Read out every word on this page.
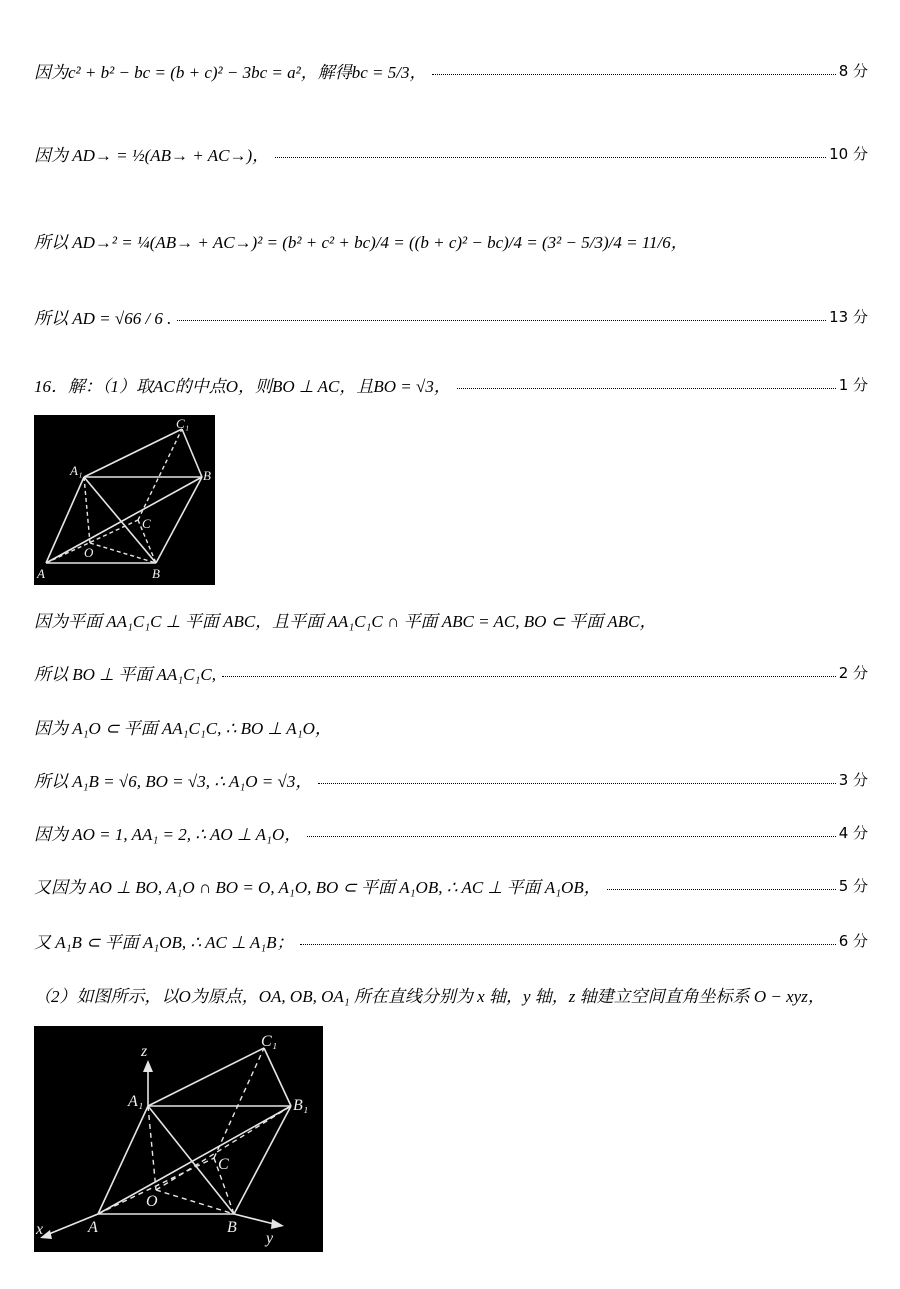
因为c² + b² − bc = (b + c)² − 3bc = a²，解得bc = 5/3，	8 分
因为 AD→ = ½(AB→ + AC→)，	10 分
所以 AD→² = ¼(AB→ + AC→)² = (b² + c² + bc)/4 = ((b + c)² − bc)/4 = (3² − 5/3)/4 = 11/6，
所以 AD = √66 / 6 .	13 分
16．解：（1）取AC的中点O，则BO ⊥ AC，且BO = √3，	1 分
C₁
A₁	B
C
O
A	B
因为平面 AA₁C₁C ⊥ 平面 ABC，且平面 AA₁C₁C ∩ 平面 ABC = AC, BO ⊂ 平面 ABC，
所以 BO ⊥ 平面 AA₁C₁C,	2 分
因为 A₁O ⊂ 平面 AA₁C₁C, ∴ BO ⊥ A₁O，
所以 A₁B = √6, BO = √3, ∴ A₁O = √3，	3 分
因为 AO = 1, AA₁ = 2, ∴ AO ⊥ A₁O，	4 分
又因为 AO ⊥ BO, A₁O ∩ BO = O, A₁O, BO ⊂ 平面 A₁OB, ∴ AC ⊥ 平面 A₁OB，	5 分
又 A₁B ⊂ 平面 A₁OB, ∴ AC ⊥ A₁B；	6 分
（2）如图所示，以O为原点，OA, OB, OA₁ 所在直线分别为 x 轴，y 轴，z 轴建立空间直角坐标系 O − xyz，
z
C₁
A₁	B₁
C
O
A	B
x
y
